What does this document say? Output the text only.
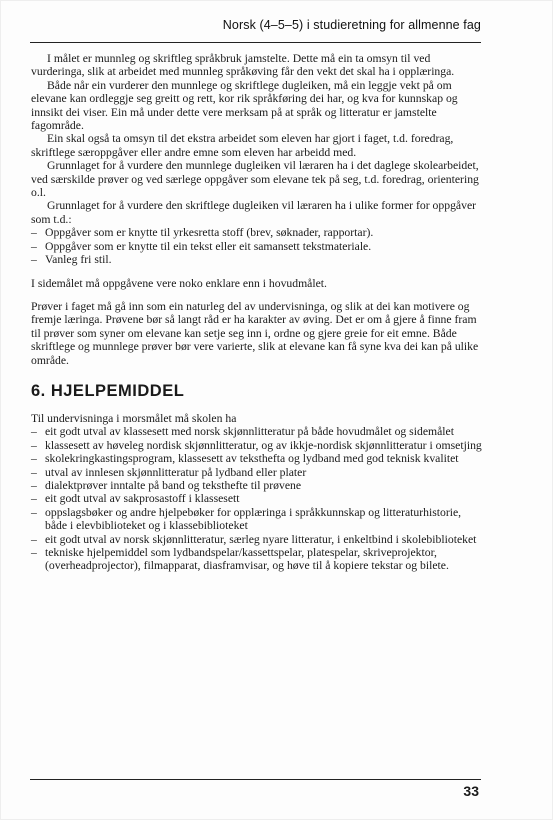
Norsk (4–5–5) i studieretning for allmenne fag

I målet er munnleg og skriftleg språkbruk jamstelte. Dette må ein ta omsyn til ved vurderinga, slik at arbeidet med munnleg språkøving får den vekt det skal ha i opplæringa.

Både når ein vurderer den munnlege og skriftlege dugleiken, må ein leggje vekt på om elevane kan ordleggje seg greitt og rett, kor rik språkføring dei har, og kva for kunnskap og innsikt dei viser. Ein må under dette vere merksam på at språk og litteratur er jamstelte fagområde.

Ein skal også ta omsyn til det ekstra arbeidet som eleven har gjort i faget, t.d. foredrag, skriftlege særoppgåver eller andre emne som eleven har arbeidd med.

Grunnlaget for å vurdere den munnlege dugleiken vil læraren ha i det daglege skolearbeidet, ved særskilde prøver og ved særlege oppgåver som elevane tek på seg, t.d. foredrag, orientering o.l.

Grunnlaget for å vurdere den skriftlege dugleiken vil læraren ha i ulike former for oppgåver som t.d.:

– Oppgåver som er knytte til yrkesretta stoff (brev, søknader, rapportar).
– Oppgåver som er knytte til ein tekst eller eit samansett tekstmateriale.
– Vanleg fri stil.

I sidemålet må oppgåvene vere noko enklare enn i hovudmålet.

Prøver i faget må gå inn som ein naturleg del av undervisninga, og slik at dei kan motivere og fremje læringa. Prøvene bør så langt råd er ha karakter av øving. Det er om å gjere å finne fram til prøver som syner om elevane kan setje seg inn i, ordne og gjere greie for eit emne. Både skriftlege og munnlege prøver bør vere varierte, slik at elevane kan få syne kva dei kan på ulike område.

6. HJELPEMIDDEL

Til undervisninga i morsmålet må skolen ha

– eit godt utval av klassesett med norsk skjønnlitteratur på både hovudmålet og sidemålet
– klassesett av høveleg nordisk skjønnlitteratur, og av ikkje-nordisk skjønnlitteratur i omsetjing
– skolekringkastingsprogram, klassesett av teksthefta og lydband med god teknisk kvalitet
– utval av innlesen skjønnlitteratur på lydband eller plater
– dialektprøver inntalte på band og teksthefte til prøvene
– eit godt utval av sakprosastoff i klassesett
– oppslagsbøker og andre hjelpebøker for opplæringa i språkkunnskap og litteraturhistorie, både i elevbiblioteket og i klassebiblioteket
– eit godt utval av norsk skjønnlitteratur, særleg nyare litteratur, i enkeltbind i skolebiblioteket
– tekniske hjelpemiddel som lydbandspelar/kassettspelar, platespelar, skriveprojektor, (overheadprojector), filmapparat, diasframvisar, og høve til å kopiere tekstar og bilete.
33
